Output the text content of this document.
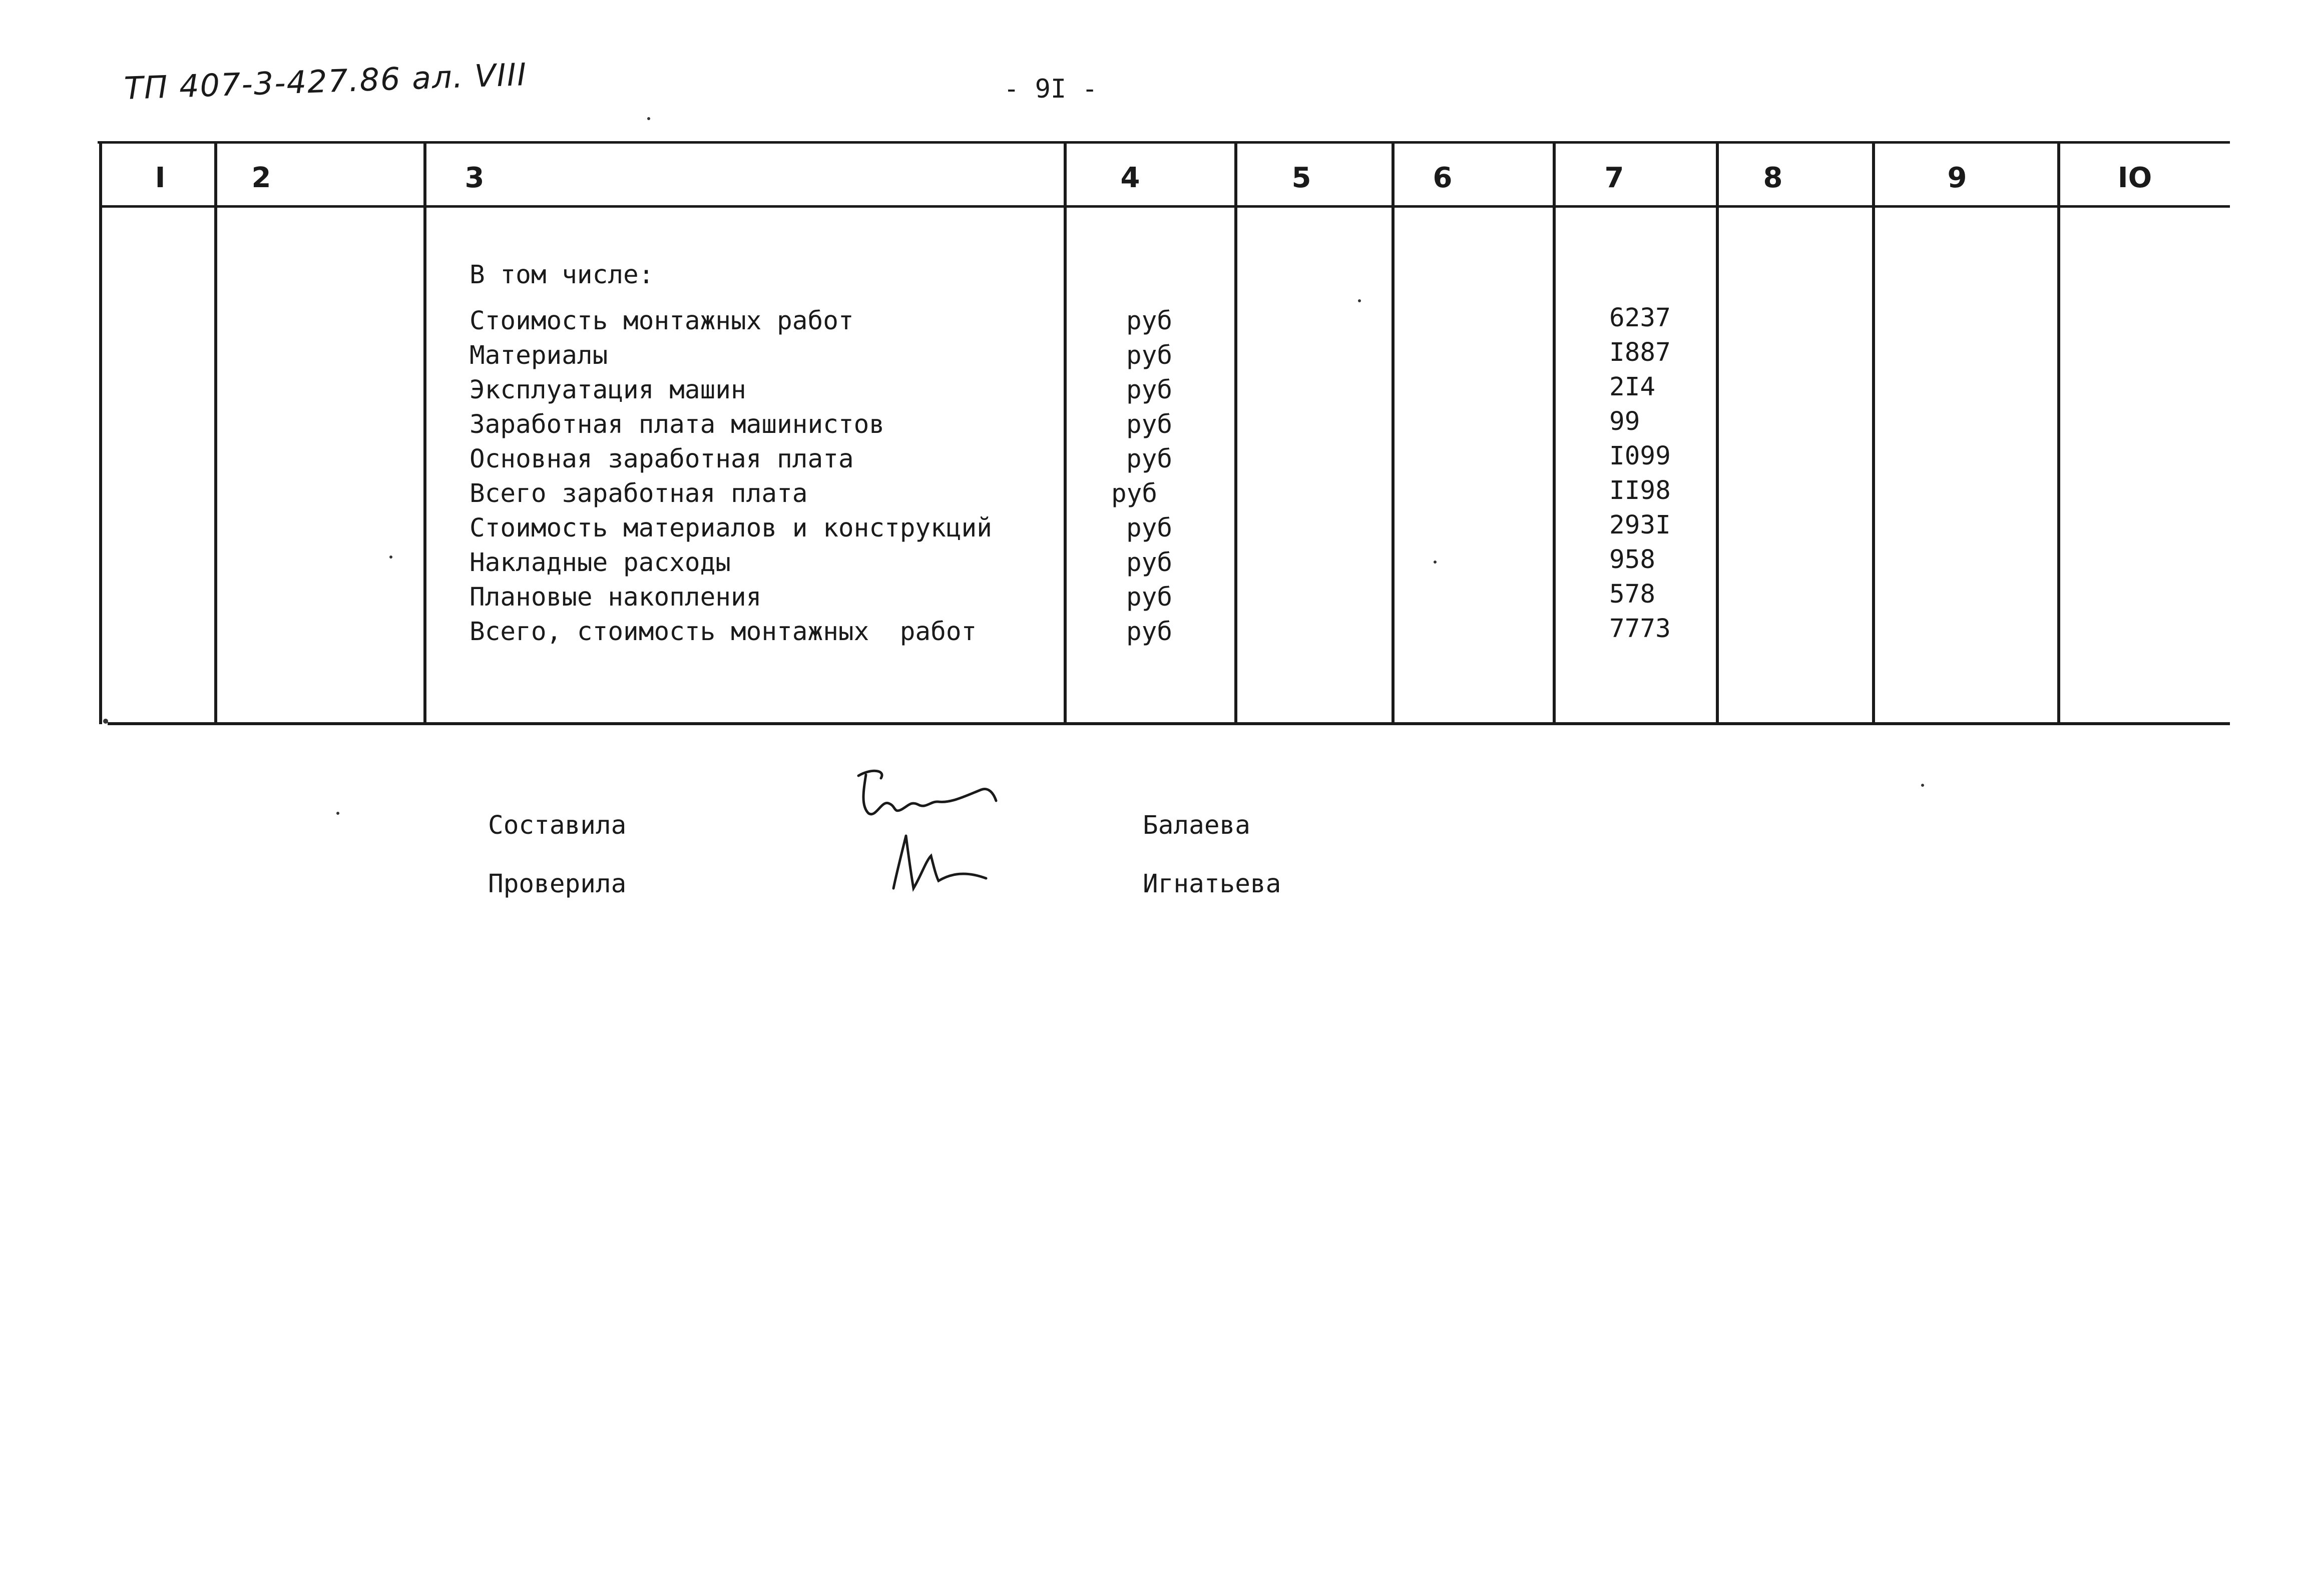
ТП 407-3-427.86 ал. VIII	- 9I -
I	2	3	4	5	6	7	8	9	IO
В том числе:
Стоимость монтажных работ	руб	6237
Материалы	руб	I887
Эксплуатация машин	руб	2I4
Заработная плата машинистов	руб	99
Основная заработная плата	руб	I099
Всего заработная плата	руб	II98
Стоимость материалов и конструкций	руб	293I
Накладные расходы	руб	958
Плановые накопления	руб	578
Всего, стоимость монтажных  работ	руб	7773
Составила	Балаева
Проверила	Игнатьева
